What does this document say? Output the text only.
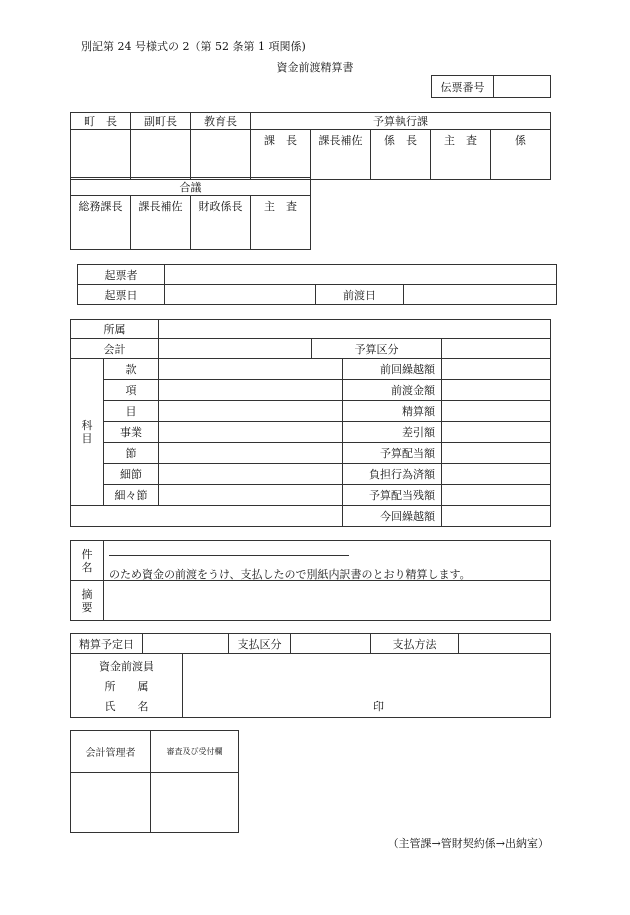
別記第 24 号様式の 2（第 52 条第 1 項関係)
資金前渡精算書
伝票番号	
町　長	副町長	教育長	予算執行課				
			課　長	課長補佐	係　長	主　査	係
合議
総務課長	課長補佐	財政係長	主　査
起票者			
起票日		前渡日	
所属					
会計			予算区分		
科
目	款			前回繰越額	
	項			前渡金額	
	目			精算額	
	事業			差引額	
	節			予算配当額	
	細節			負担行為済額	
	細々節			予算配当残額	
				今回繰越額	
件
名	のため資金の前渡をうけ、支払したので別紙内訳書のとおり精算します。

摘
要	
精算予定日			支払区分		支払方法	

資金前渡員
所　　属
氏　　名		印				
会計管理者	審査及び受付欄

（主管課→管財契約係→出納室）
